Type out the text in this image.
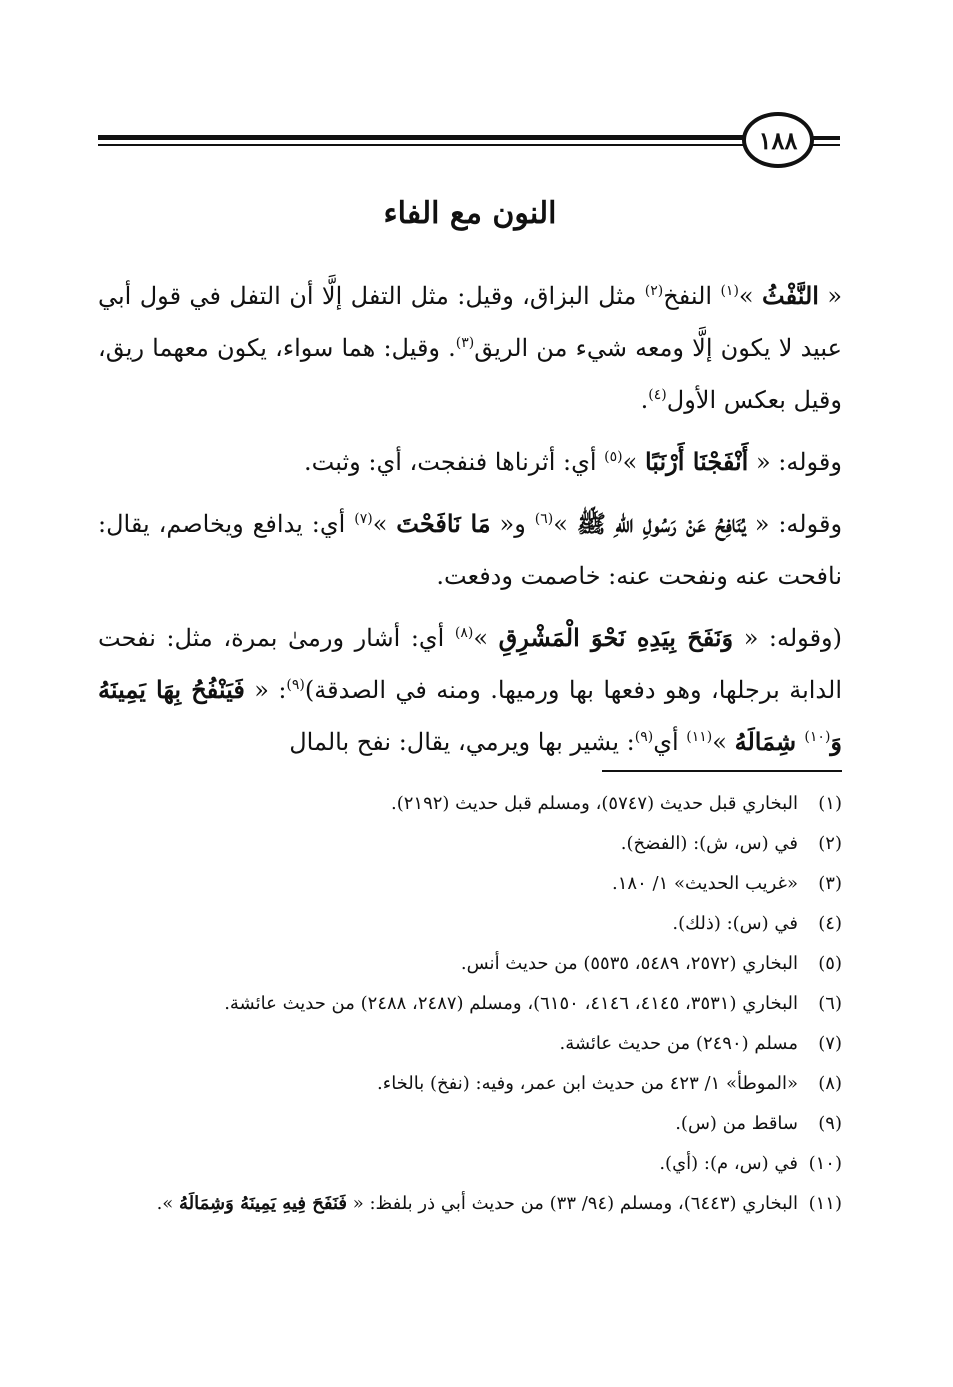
١٨٨
النون مع الفاء

« النَّفْثُ »$^{(١)}$ النفخ$^{(٢)}$ مثل البزاق، وقيل: مثل التفل إلَّا أن التفل في قول أبي عبيد لا يكون إلَّا ومعه شيء من الريق$^{(٣)}$. وقيل: هما سواء، يكون معهما ريق، وقيل بعكس الأول$^{(٤)}$.

وقوله: « أَنْفَجْنَا أَرْنَبًا »$^{(٥)}$ أي: أثرناها فنفجت، أي: وثبت.

وقوله: « يُنَافِحُ عَنْ رَسُولِ اللهِ ﷺ »$^{(٦)}$ و« مَا نَافَحْتَ »$^{(٧)}$ أي: يدافع ويخاصم، يقال: نافحت عنه ونفحت عنه: خاصمت ودفعت.

(وقوله: « وَنَفَحَ بِيَدِهِ نَحْوَ الْمَشْرِقِ »$^{(٨)}$ أي: أشار ورمىٰ بمرة، مثل: نفحت الدابة برجلها، وهو دفعها بها ورميها. ومنه في الصدقة)$^{(٩)}$: « فَيَنْفُحُ بِهَا يَمِينَهُ وَ$^{(١٠)}$ شِمَالَهُ »$^{(١١)}$ أي$^{(٩)}$: يشير بها ويرمي، يقال: نفح بالمال

(١)
البخاري قبل حديث (٥٧٤٧)، ومسلم قبل حديث (٢١٩٢).
(٢)
في (س، ش): (الفضخ).
(٣)
«غريب الحديث» ١/ ١٨٠.
(٤)
في (س): (ذلك).
(٥)
البخاري (٢٥٧٢، ٥٤٨٩، ٥٥٣٥) من حديث أنس.
(٦)
البخاري (٣٥٣١، ٤١٤٥، ٤١٤٦، ٦١٥٠)، ومسلم (٢٤٨٧، ٢٤٨٨) من حديث عائشة.
(٧)
مسلم (٢٤٩٠) من حديث عائشة.
(٨)
«الموطأ» ١/ ٤٢٣ من حديث ابن عمر، وفيه: (نفخ) بالخاء.
(٩)
ساقط من (س).
(١٠)
في (س، م): (أي).
(١١)
البخاري (٦٤٤٣)، ومسلم (٩٤/ ٣٣) من حديث أبي ذر بلفظ: « فَنَفَحَ فِيهِ يَمِينَهُ وَشِمَالَهُ ».
